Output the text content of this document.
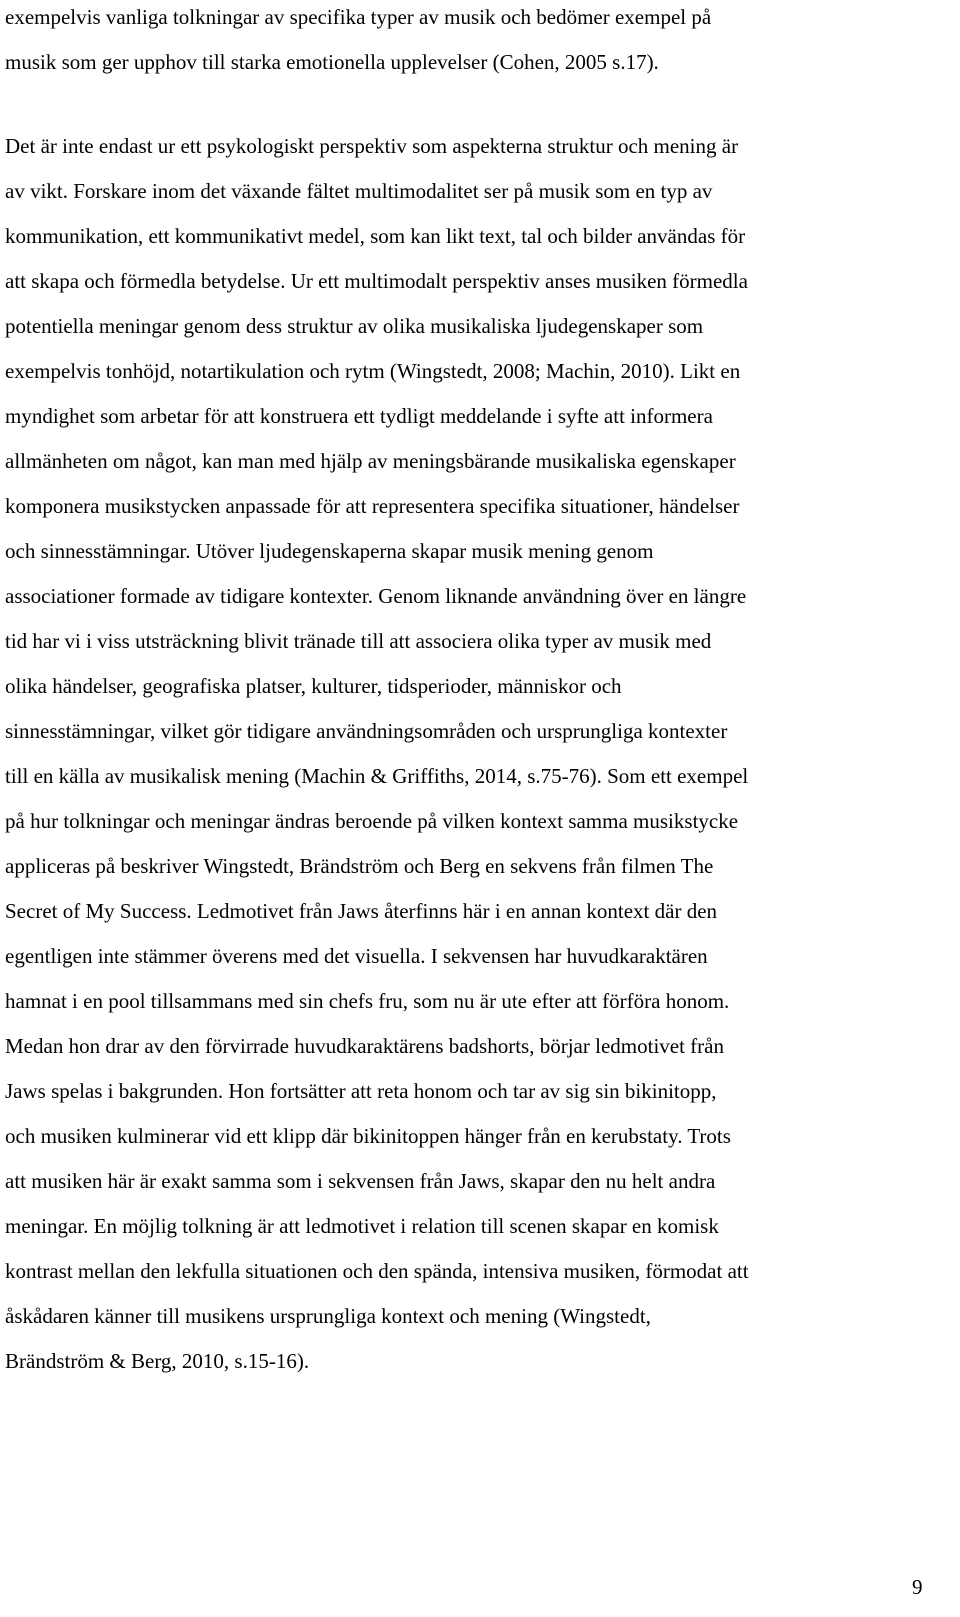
exempelvis vanliga tolkningar av specifika typer av musik och bedömer exempel på
musik som ger upphov till starka emotionella upplevelser (Cohen, 2005 s.17).
Det är inte endast ur ett psykologiskt perspektiv som aspekterna struktur och mening är
av vikt. Forskare inom det växande fältet multimodalitet ser på musik som en typ av
kommunikation, ett kommunikativt medel, som kan likt text, tal och bilder användas för
att skapa och förmedla betydelse. Ur ett multimodalt perspektiv anses musiken förmedla
potentiella meningar genom dess struktur av olika musikaliska ljudegenskaper som
exempelvis tonhöjd, notartikulation och rytm (Wingstedt, 2008; Machin, 2010). Likt en
myndighet som arbetar för att konstruera ett tydligt meddelande i syfte att informera
allmänheten om något, kan man med hjälp av meningsbärande musikaliska egenskaper
komponera musikstycken anpassade för att representera specifika situationer, händelser
och sinnesstämningar. Utöver ljudegenskaperna skapar musik mening genom
associationer formade av tidigare kontexter. Genom liknande användning över en längre
tid har vi i viss utsträckning blivit tränade till att associera olika typer av musik med
olika händelser, geografiska platser, kulturer, tidsperioder, människor och
sinnesstämningar, vilket gör tidigare användningsområden och ursprungliga kontexter
till en källa av musikalisk mening (Machin & Griffiths, 2014, s.75-76). Som ett exempel
på hur tolkningar och meningar ändras beroende på vilken kontext samma musikstycke
appliceras på beskriver Wingstedt, Brändström och Berg en sekvens från filmen The
Secret of My Success. Ledmotivet från Jaws återfinns här i en annan kontext där den
egentligen inte stämmer överens med det visuella. I sekvensen har huvudkaraktären
hamnat i en pool tillsammans med sin chefs fru, som nu är ute efter att förföra honom.
Medan hon drar av den förvirrade huvudkaraktärens badshorts, börjar ledmotivet från
Jaws spelas i bakgrunden. Hon fortsätter att reta honom och tar av sig sin bikinitopp,
och musiken kulminerar vid ett klipp där bikinitoppen hänger från en kerubstaty. Trots
att musiken här är exakt samma som i sekvensen från Jaws, skapar den nu helt andra
meningar. En möjlig tolkning är att ledmotivet i relation till scenen skapar en komisk
kontrast mellan den lekfulla situationen och den spända, intensiva musiken, förmodat att
åskådaren känner till musikens ursprungliga kontext och mening (Wingstedt,
Brändström & Berg, 2010, s.15-16).
9
